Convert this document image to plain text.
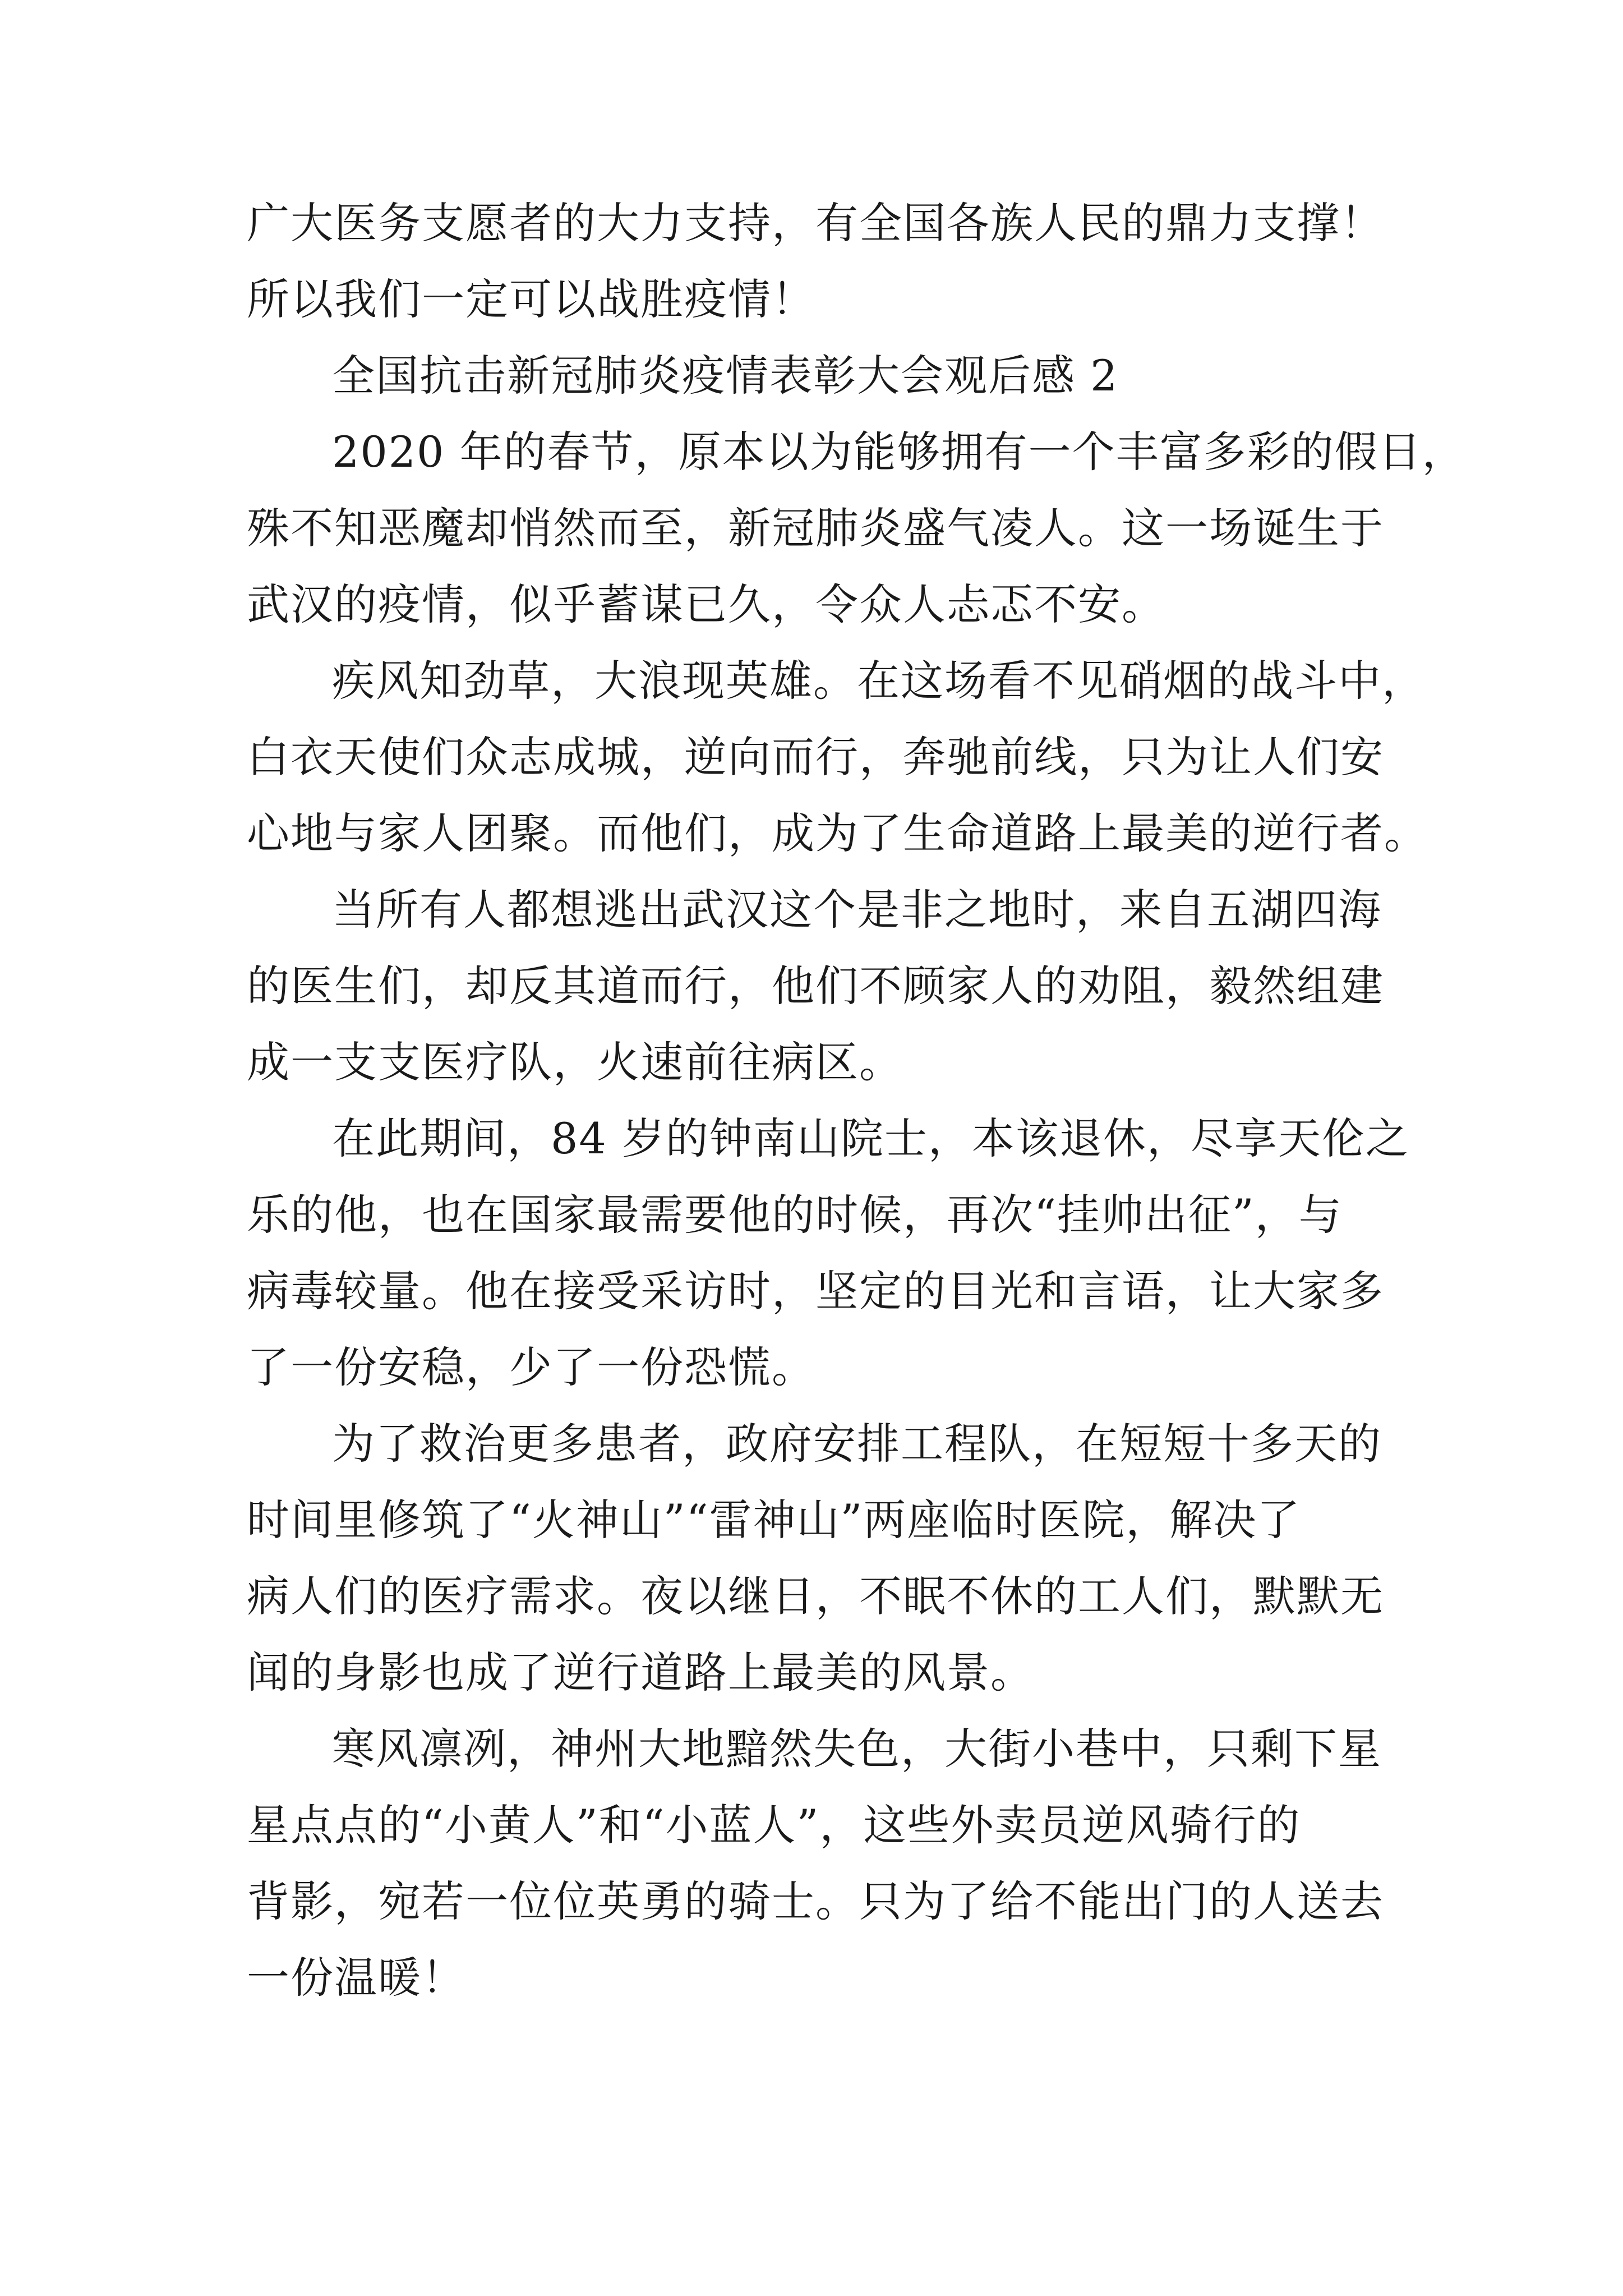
广大医务支愿者的大力支持，有全国各族人民的鼎力支撑！
所以我们一定可以战胜疫情！

全国抗击新冠肺炎疫情表彰大会观后感 2

2020 年的春节，原本以为能够拥有一个丰富多彩的假日，
殊不知恶魔却悄然而至，新冠肺炎盛气凌人。这一场诞生于
武汉的疫情，似乎蓄谋已久，令众人忐忑不安。

疾风知劲草，大浪现英雄。在这场看不见硝烟的战斗中，
白衣天使们众志成城，逆向而行，奔驰前线，只为让人们安
心地与家人团聚。而他们，成为了生命道路上最美的逆行者。

当所有人都想逃出武汉这个是非之地时，来自五湖四海
的医生们，却反其道而行，他们不顾家人的劝阻，毅然组建
成一支支医疗队，火速前往病区。

在此期间，84 岁的钟南山院士，本该退休，尽享天伦之
乐的他，也在国家最需要他的时候，再次“挂帅出征”，与
病毒较量。他在接受采访时，坚定的目光和言语，让大家多
了一份安稳，少了一份恐慌。

为了救治更多患者，政府安排工程队，在短短十多天的
时间里修筑了“火神山”“雷神山”两座临时医院，解决了
病人们的医疗需求。夜以继日，不眠不休的工人们，默默无
闻的身影也成了逆行道路上最美的风景。

寒风凛冽，神州大地黯然失色，大街小巷中，只剩下星
星点点的“小黄人”和“小蓝人”，这些外卖员逆风骑行的
背影，宛若一位位英勇的骑士。只为了给不能出门的人送去
一份温暖！
